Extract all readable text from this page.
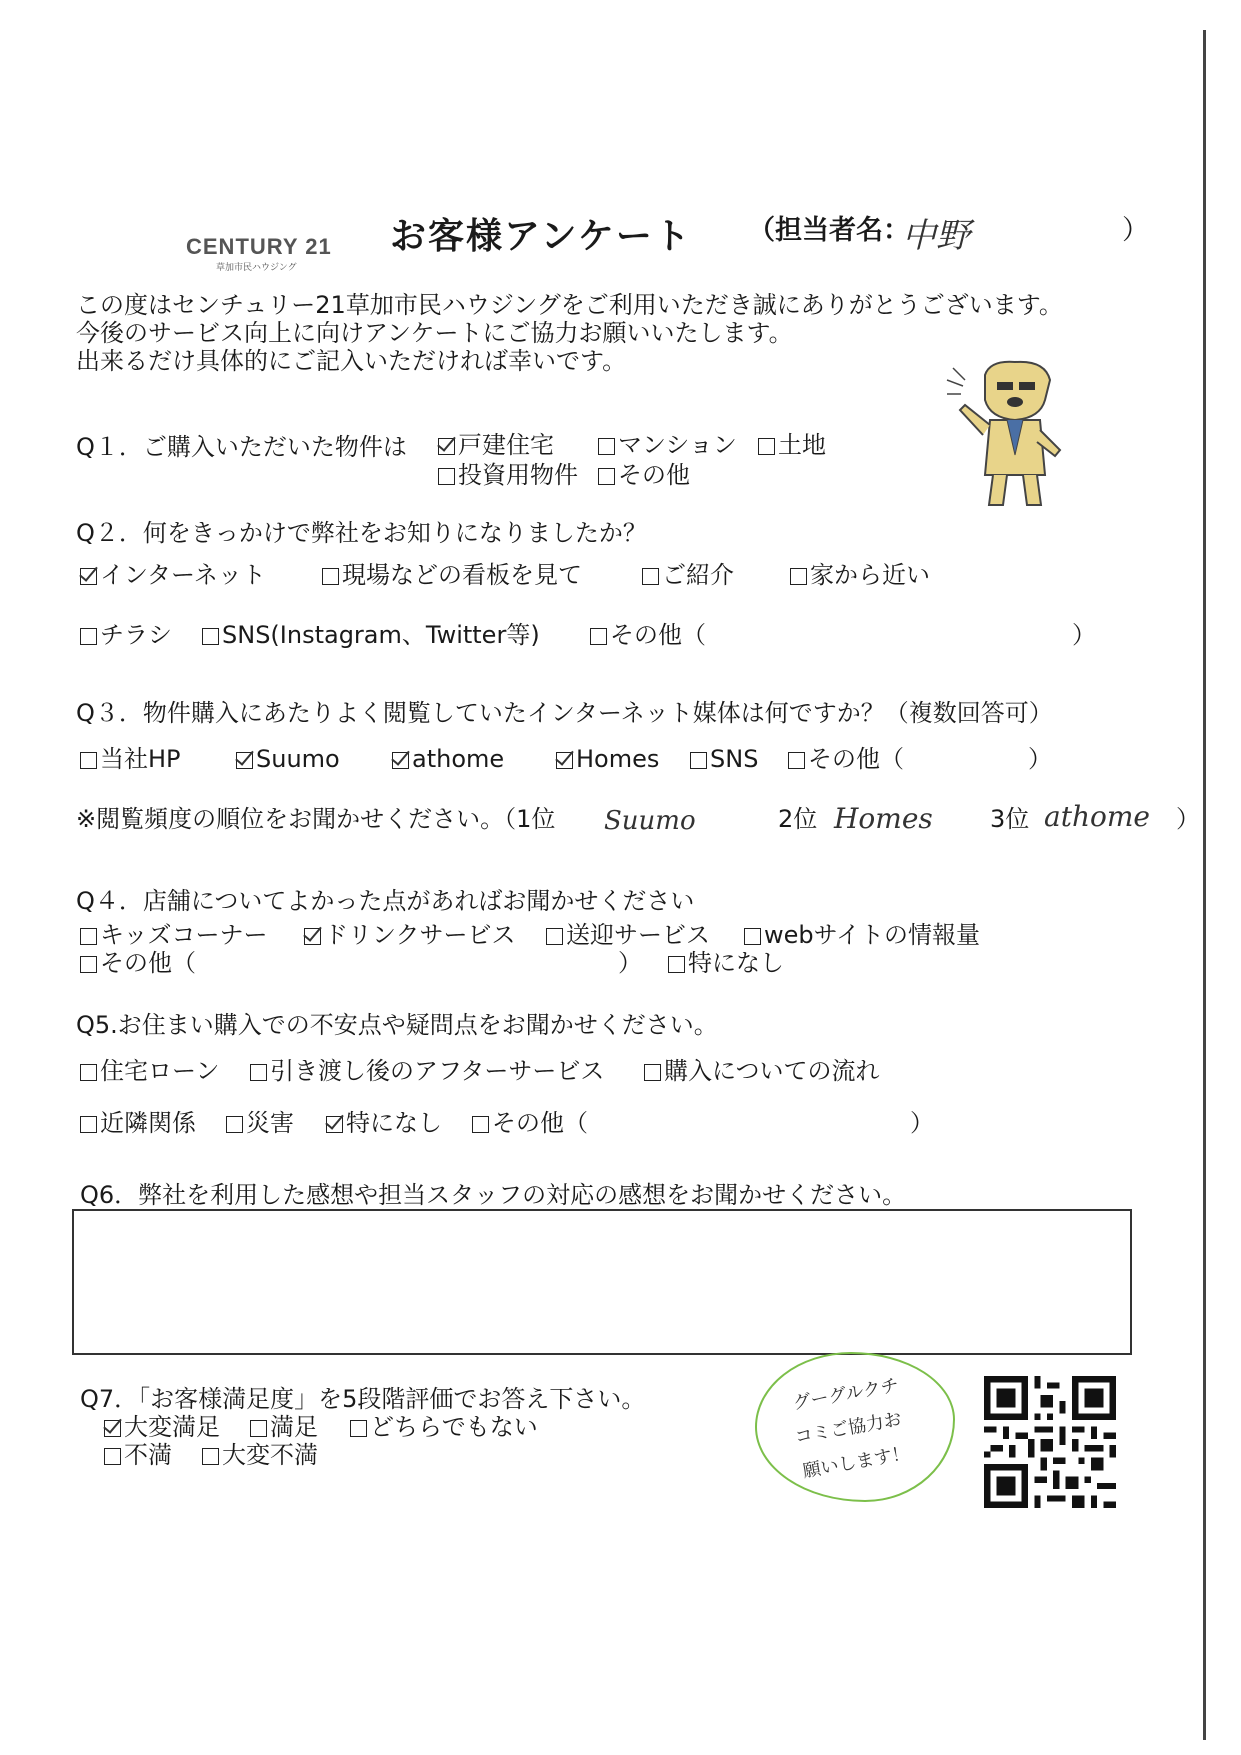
CENTURY 21
草加市民ハウジング
お客様アンケート （担当者名：
中野	）
この度はセンチュリー21草加市民ハウジングをご利用いただき誠にありがとうございます。
今後のサービス向上に向けアンケートにご協力お願いいたします。
出来るだけ具体的にご記入いただければ幸いです。
Q１．ご購入いただいた物件は	戸建住宅	マンション	土地
投資用物件	その他
Q２．何をきっかけで弊社をお知りになりましたか？
インターネット	現場などの看板を見て	ご紹介	家から近い
チラシ	SNS(Instagram、Twitter等)	その他（	）
Q３．物件購入にあたりよく閲覧していたインターネット媒体は何ですか？（複数回答可）
当社HP	Suumo	athome	Homes	SNS	その他（	）
※閲覧頻度の順位をお聞かせください。（1位 Suumo	2位 Homes 3位 athome ）
Q４．店舗についてよかった点があればお聞かせください
キッズコーナー	ドリンクサービス	送迎サービス	webサイトの情報量
その他（	）	特になし
Q5.お住まい購入での不安点や疑問点をお聞かせください。
住宅ローン	引き渡し後のアフターサービス	購入についての流れ
近隣関係	災害	特になし	その他（	）
Q6．弊社を利用した感想や担当スタッフの対応の感想をお聞かせください。
Q7．「お客様満足度」を5段階評価でお答え下さい。
大変満足	満足	どちらでもない
不満	大変不満
グーグルクチ
コミご協力お
願いします！
